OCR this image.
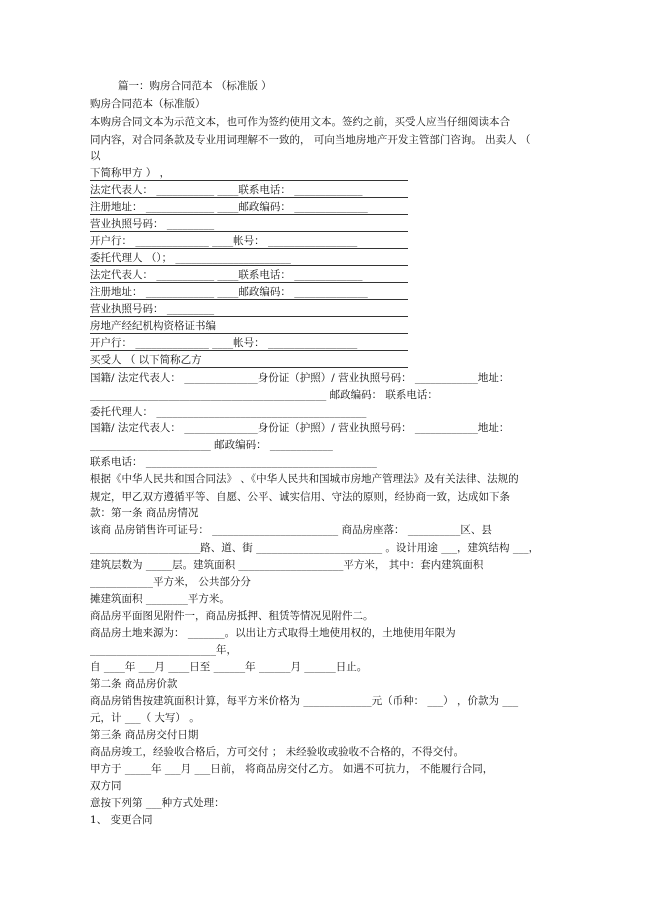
篇一：购房合同范本 （标准版 ）
购房合同范本（标准版）
本购房合同文本为示范文本，也可作为签约使用文本。签约之前，买受人应当仔细阅读本合
同内容，对合同条款及专业用词理解不一致的， 可向当地房地产开发主管部门咨询。 出卖人 （
以
下简称甲方 ） ，
法定代表人： ___________ ____联系电话： _____________
注册地址： _____________ ____邮政编码： ______________
营业执照号码： _________
开户行： ______________ ____帐号： _________________
委托代理人 （）； ______________________
法定代表人： ___________ ____联系电话： _____________
注册地址： _____________ ____邮政编码： ______________
营业执照号码： _________
房地产经纪机构资格证书编
开户行： ______________ ____帐号： _________________
买受人 （ 以下简称乙方
国籍/ 法定代表人： ______________身份证（护照）/ 营业执照号码： ____________地址：
_____________________________________________ 邮政编码： 联系电话：
委托代理人： ________________________________________
国籍/ 法定代表人： ______________身份证（护照）/ 营业执照号码： ____________地址：
_______________________ 邮政编码： ____________
联系电话： ____________________________________________
根据《中华人民共和国合同法》 、《中华人民共和国城市房地产管理法》及有关法律、法规的
规定，甲乙双方遵循平等、自愿、公平、诚实信用、守法的原则，经协商一致，达成如下条
款：第一条 商品房情况
该商 品房销售许可证号： ________________________ 商品房座落： __________区、县
_____________________路、道、街 ________________________ 。设计用途 ___，建筑结构 ___，
建筑层数为 _____层。建筑面积 ____________________平方米， 其中：套内建筑面积
____________平方米， 公共部分分
摊建筑面积 ________平方米。
商品房平面图见附件一，商品房抵押、租赁等情况见附件二。
商品房土地来源为： _______。以出让方式取得土地使用权的，土地使用年限为
________________________年，
自 ____年 ___月 ____日至 ______年 ______月 ______日止。
第二条 商品房价款
商品房销售按建筑面积计算，每平方米价格为 _____________元（币种： ___） ，价款为 ___
元，计 ___（ 大写） 。
第三条 商品房交付日期
商品房竣工，经验收合格后，方可交付 ； 未经验收或验收不合格的，不得交付。
甲方于 _____年 ___月 ___日前， 将商品房交付乙方。 如遇不可抗力， 不能履行合同，
双方同
意按下列第 ___种方式处理：
1、 变更合同
